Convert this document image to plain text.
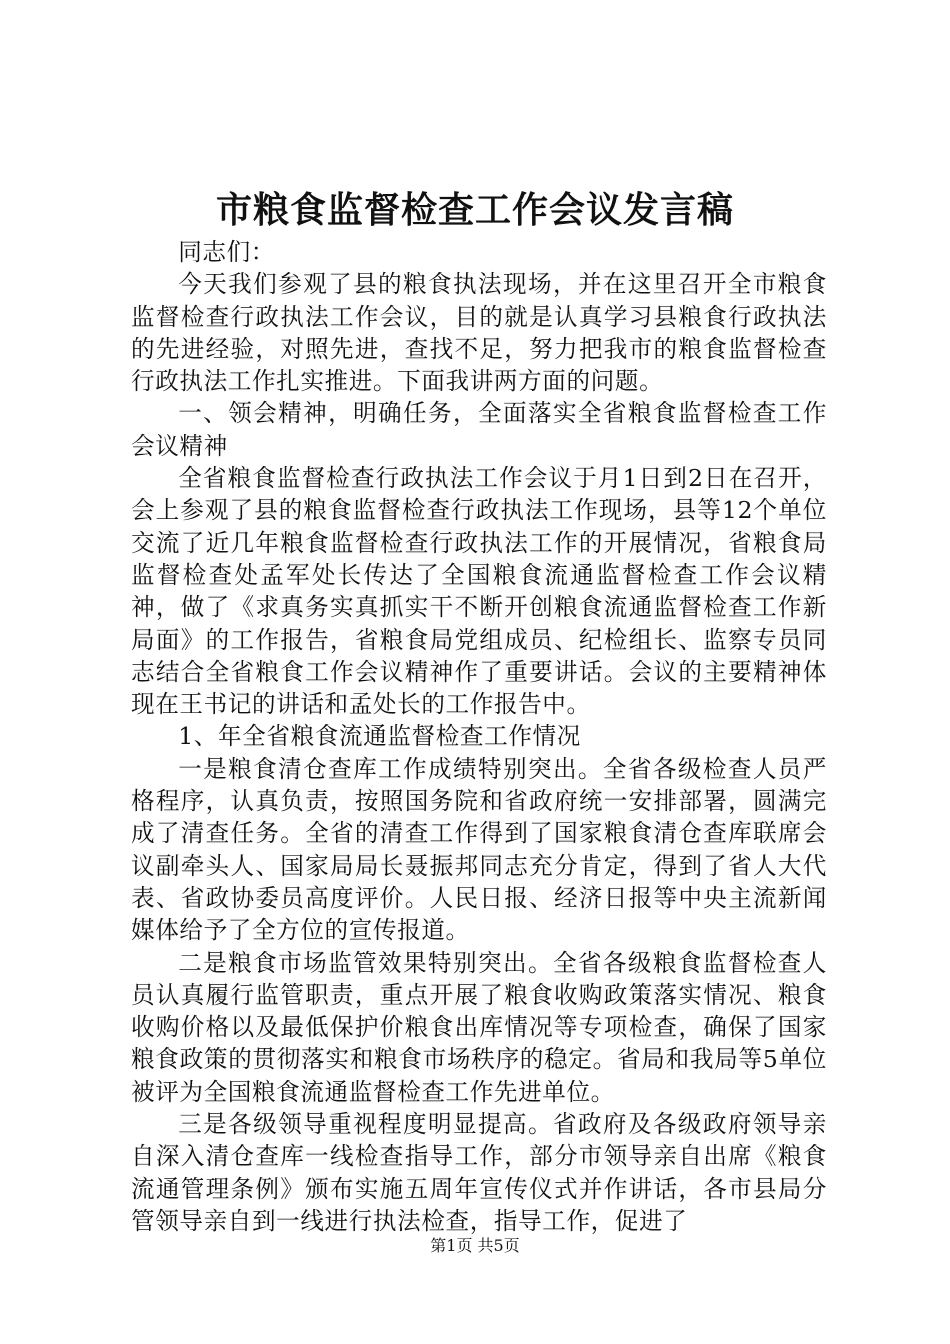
市粮食监督检查工作会议发言稿

同志们：

今天我们参观了县的粮食执法现场，并在这里召开全市粮食监督检查行政执法工作会议，目的就是认真学习县粮食行政执法的先进经验，对照先进，查找不足，努力把我市的粮食监督检查行政执法工作扎实推进。下面我讲两方面的问题。

一、领会精神，明确任务，全面落实全省粮食监督检查工作会议精神

全省粮食监督检查行政执法工作会议于月1日到2日在召开，会上参观了县的粮食监督检查行政执法工作现场，县等12个单位交流了近几年粮食监督检查行政执法工作的开展情况，省粮食局监督检查处孟军处长传达了全国粮食流通监督检查工作会议精神，做了《求真务实真抓实干不断开创粮食流通监督检查工作新局面》的工作报告，省粮食局党组成员、纪检组长、监察专员同志结合全省粮食工作会议精神作了重要讲话。会议的主要精神体现在王书记的讲话和孟处长的工作报告中。

1、年全省粮食流通监督检查工作情况

一是粮食清仓查库工作成绩特别突出。全省各级检查人员严格程序，认真负责，按照国务院和省政府统一安排部署，圆满完成了清查任务。全省的清查工作得到了国家粮食清仓查库联席会议副牵头人、国家局局长聂振邦同志充分肯定，得到了省人大代表、省政协委员高度评价。人民日报、经济日报等中央主流新闻媒体给予了全方位的宣传报道。

二是粮食市场监管效果特别突出。全省各级粮食监督检查人员认真履行监管职责，重点开展了粮食收购政策落实情况、粮食收购价格以及最低保护价粮食出库情况等专项检查，确保了国家粮食政策的贯彻落实和粮食市场秩序的稳定。省局和我局等5单位被评为全国粮食流通监督检查工作先进单位。

三是各级领导重视程度明显提高。省政府及各级政府领导亲自深入清仓查库一线检查指导工作，部分市领导亲自出席《粮食流通管理条例》颁布实施五周年宣传仪式并作讲话，各市县局分管领导亲自到一线进行执法检查，指导工作，促进了

第1页 共5页
